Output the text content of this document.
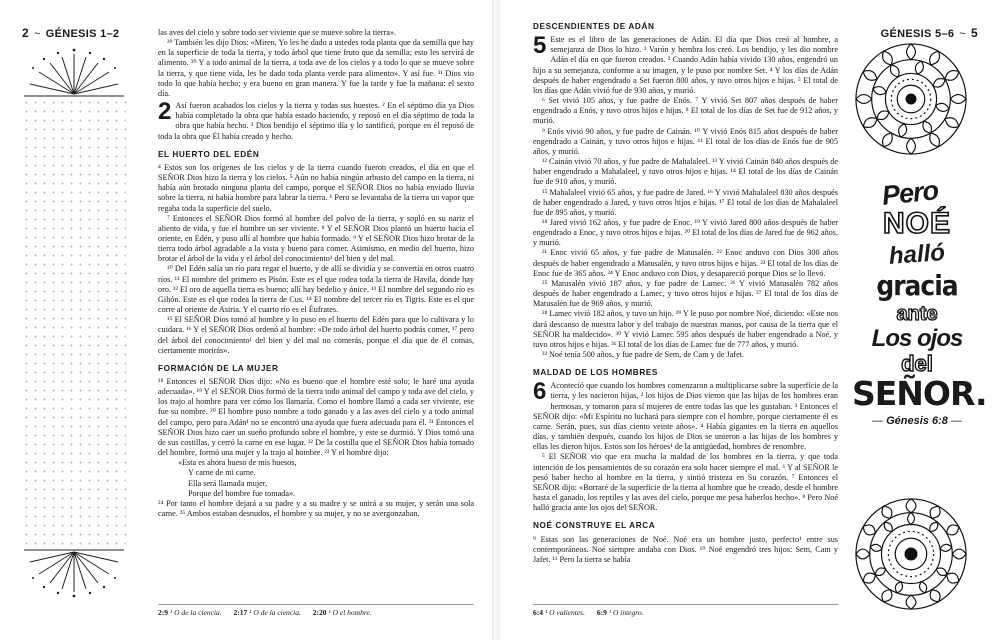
2 ~ GÉNESIS 1–2	las aves del cielo y sobre todo ser viviente que se mueve sobre la tierra».

²⁹ También les dijo Dios: «Miren, Yo les he dado a ustedes toda planta que da semilla que hay en la superficie de toda la tierra, y todo árbol que tiene fruto que da semilla; esto les servirá de alimento. ³⁰ Y a todo animal de la tierra, a toda ave de los cielos y a todo lo que se mueve sobre la tierra, y que tiene vida, les he dado toda planta verde para alimento». Y así fue. ³¹ Dios vio todo lo que había hecho; y era bueno en gran manera. Y fue la tarde y fue la mañana: el sexto día.

2 Así fueron acabados los cielos y la tierra y todas sus huestes. ² En el séptimo día ya Dios había completado la obra que había estado haciendo, y reposó en el día séptimo de toda la obra que había hecho. ³ Dios bendijo el séptimo día y lo santificó, porque en él reposó de toda la obra que Él había creado y hecho.

EL HUERTO DEL EDÉN

⁴ Estos son los orígenes de los cielos y de la tierra cuando fueron creados, el día en que el SEÑOR Dios hizo la tierra y los cielos. ⁵ Aún no había ningún arbusto del campo en la tierra, ni había aún brotado ninguna planta del campo, porque el SEÑOR Dios no había enviado lluvia sobre la tierra, ni había hombre para labrar la tierra. ⁶ Pero se levantaba de la tierra un vapor que regaba toda la superficie del suelo.

⁷ Entonces el SEÑOR Dios formó al hombre del polvo de la tierra, y sopló en su nariz el aliento de vida, y fue el hombre un ser viviente. ⁸ Y el SEÑOR Dios plantó un huerto hacia el oriente, en Edén, y puso allí al hombre que había formado. ⁹ Y el SEÑOR Dios hizo brotar de la tierra todo árbol agradable a la vista y bueno para comer. Asimismo, en medio del huerto, hizo brotar el árbol de la vida y el árbol del conocimiento¹ del bien y del mal.

¹⁰ Del Edén salía un río para regar el huerto, y de allí se dividía y se convertía en otros cuatro ríos. ¹¹ El nombre del primero es Pisón. Este es el que rodea toda la tierra de Havila, donde hay oro. ¹² El oro de aquella tierra es bueno; allí hay bedelio y ónice. ¹³ El nombre del segundo río es Gihón. Este es el que rodea la tierra de Cus. ¹⁴ El nombre del tercer río es Tigris. Este es el que corre al oriente de Asiria. Y el cuarto río es el Éufrates.

¹⁵ El SEÑOR Dios tomó al hombre y lo puso en el huerto del Edén para que lo cultivara y lo cuidara. ¹⁶ Y el SEÑOR Dios ordenó al hombre: «De todo árbol del huerto podrás comer, ¹⁷ pero del árbol del conocimiento¹ del bien y del mal no comerás, porque el día que de él comas, ciertamente morirás».

FORMACIÓN DE LA MUJER

¹⁸ Entonces el SEÑOR Dios dijo: «No es bueno que el hombre esté solo; le haré una ayuda adecuada». ¹⁹ Y el SEÑOR Dios formó de la tierra todo animal del campo y toda ave del cielo, y los trajo al hombre para ver cómo los llamaría. Como el hombre llamó a cada ser viviente, ese fue su nombre. ²⁰ El hombre puso nombre a todo ganado y a las aves del cielo y a todo animal del campo, pero para Adán¹ no se encontró una ayuda que fuera adecuada para él. ²¹ Entonces el SEÑOR Dios hizo caer un sueño profundo sobre el hombre, y este se durmió. Y Dios tomó una de sus costillas, y cerró la carne en ese lugar. ²² De la costilla que el SEÑOR Dios había tomado del hombre, formó una mujer y la trajo al hombre. ²³ Y el hombre dijo:

«Esta es ahora hueso de mis huesos,
Y carne de mi carne.
Ella será llamada mujer,
Porque del hombre fue tomada».

²⁴ Por tanto el hombre dejará a su padre y a su madre y se unirá a su mujer, y serán una sola carne. ²⁵ Ambos estaban desnudos, el hombre y su mujer, y no se avergonzaban.

2:9 ¹ O de la ciencia. 2:17 ¹ O de la ciencia. 2:20 ¹ O el hombre.
GÉNESIS 5–6 ~ 5
DESCENDIENTES DE ADÁN

5 Este es el libro de las generaciones de Adán. El día que Dios creó al hombre, a semejanza de Dios lo hizo. ² Varón y hembra los creó. Los bendijo, y les dio nombre Adán el día en que fueron creados. ³ Cuando Adán había vivido 130 años, engendró un hijo a su semejanza, conforme a su imagen, y le puso por nombre Set. ⁴ Y los días de Adán después de haber engendrado a Set fueron 800 años, y tuvo otros hijos e hijas. ⁵ El total de los días que Adán vivió fue de 930 años, y murió.

⁶ Set vivió 105 años, y fue padre de Enós. ⁷ Y vivió Set 807 años después de haber engendrado a Enós, y tuvo otros hijos e hijas. ⁸ El total de los días de Set fue de 912 años, y murió.

⁹ Enós vivió 90 años, y fue padre de Cainán. ¹⁰ Y vivió Enós 815 años después de haber engendrado a Cainán, y tuvo otros hijos e hijas. ¹¹ El total de los días de Enós fue de 905 años, y murió.

¹² Cainán vivió 70 años, y fue padre de Mahalaleel. ¹³ Y vivió Cainán 840 años después de haber engendrado a Mahalaleel, y tuvo otros hijos e hijas. ¹⁴ El total de los días de Cainán fue de 910 años, y murió.

¹⁵ Mahalaleel vivió 65 años, y fue padre de Jared. ¹⁶ Y vivió Mahalaleel 830 años después de haber engendrado a Jared, y tuvo otros hijos e hijas. ¹⁷ El total de los días de Mahalaleel fue de 895 años, y murió.

¹⁸ Jared vivió 162 años, y fue padre de Enoc. ¹⁹ Y vivió Jared 800 años después de haber engendrado a Enoc, y tuvo otros hijos e hijas. ²⁰ El total de los días de Jared fue de 962 años, y murió.

²¹ Enoc vivió 65 años, y fue padre de Matusalén. ²² Enoc anduvo con Dios 300 años después de haber engendrado a Matusalén, y tuvo otros hijos e hijas. ²³ El total de los días de Enoc fue de 365 años. ²⁴ Y Enoc anduvo con Dios, y desapareció porque Dios se lo llevó.

²⁵ Matusalén vivió 187 años, y fue padre de Lamec. ²⁶ Y vivió Matusalén 782 años después de haber engendrado a Lamec, y tuvo otros hijos e hijas. ²⁷ El total de los días de Matusalén fue de 969 años, y murió.

²⁸ Lamec vivió 182 años, y tuvo un hijo. ²⁹ Y le puso por nombre Noé, diciendo: «Este nos dará descanso de nuestra labor y del trabajo de nuestras manos, por causa de la tierra que el SEÑOR ha maldecido». ³⁰ Y vivió Lamec 595 años después de haber engendrado a Noé, y tuvo otros hijos e hijas. ³¹ El total de los días de Lamec fue de 777 años, y murió.

³² Noé tenía 500 años, y fue padre de Sem, de Cam y de Jafet.

MALDAD DE LOS HOMBRES

6 Aconteció que cuando los hombres comenzaron a multiplicarse sobre la superficie de la tierra, y les nacieron hijas, ² los hijos de Dios vieron que las hijas de los hombres eran hermosas, y tomaron para sí mujeres de entre todas las que les gustaban. ³ Entonces el SEÑOR dijo: «Mi Espíritu no luchará para siempre con el hombre, porque ciertamente él es carne. Serán, pues, sus días ciento veinte años». ⁴ Había gigantes en la tierra en aquellos días, y también después, cuando los hijos de Dios se unieron a las hijas de los hombres y ellas les dieron hijos. Estos son los héroes¹ de la antigüedad, hombres de renombre.

⁵ El SEÑOR vio que era mucha la maldad de los hombres en la tierra, y que toda intención de los pensamientos de su corazón era solo hacer siempre el mal. ⁶ Y al SEÑOR le pesó haber hecho al hombre en la tierra, y sintió tristeza en Su corazón. ⁷ Entonces el SEÑOR dijo: «Borraré de la superficie de la tierra al hombre que he creado, desde el hombre hasta el ganado, los reptiles y las aves del cielo, porque me pesa haberlos hecho». ⁸ Pero Noé halló gracia ante los ojos del SEÑOR.

NOÉ CONSTRUYE EL ARCA

⁹ Estas son las generaciones de Noé. Noé era un hombre justo, perfecto¹ entre sus contemporáneos. Noé siempre andaba con Dios. ¹⁰ Noé engendró tres hijos: Sem, Cam y Jafet. ¹¹ Pero la tierra se había

6:4 ¹ O valientes. 6:9 ¹ O íntegro.
Pero
NOÉ
halló
gracia
ante
Los ojos
del
SEÑOR.
— Génesis 6:8 —
